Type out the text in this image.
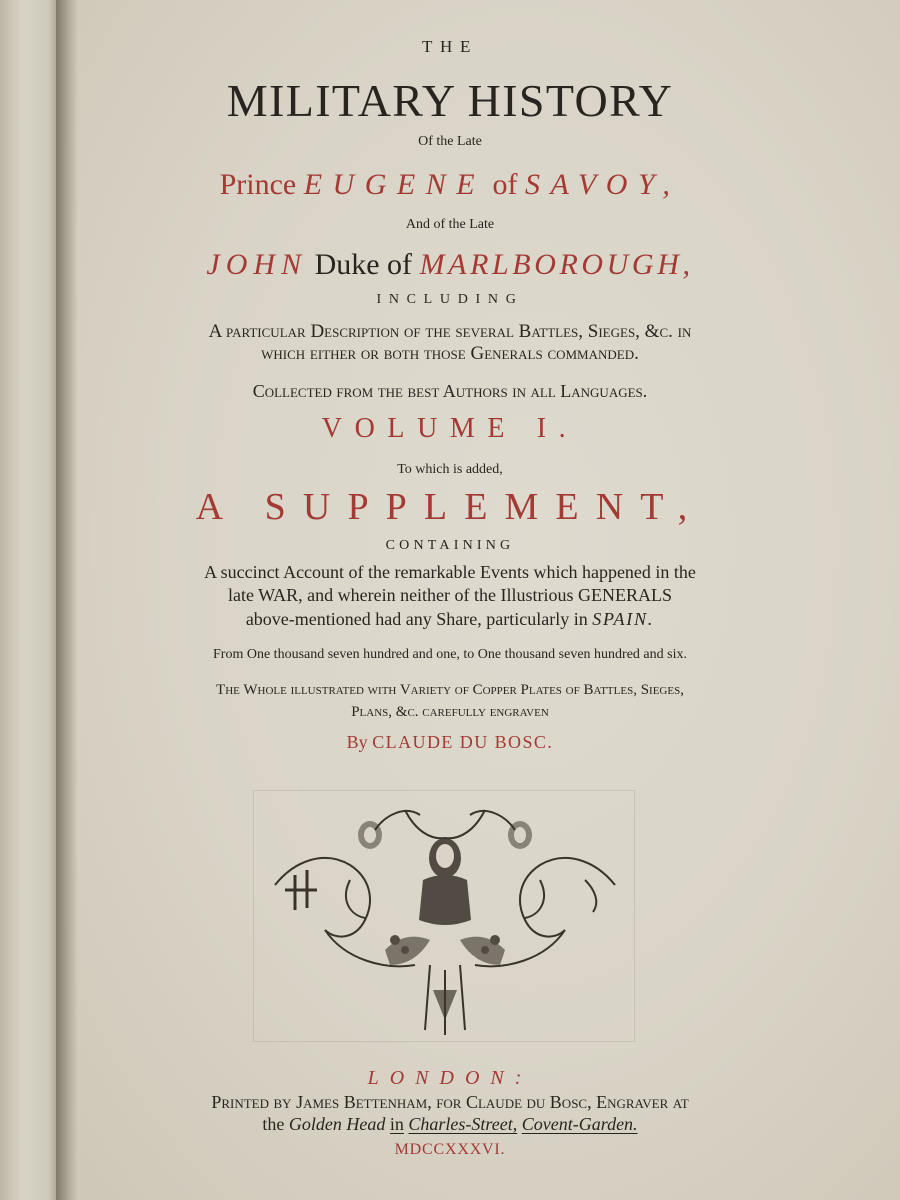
THE
MILITARY HISTORY
Of the Late
Prince EUGENE of SAVOY,
And of the Late
JOHN Duke of MARLBOROUGH,
INCLUDING
A particular Description of the several Battles, Sieges, &c. in
which either or both those Generals commanded.
Collected from the best Authors in all Languages.
VOLUME I.
To which is added,
A SUPPLEMENT,
CONTAINING
A succinct Account of the remarkable Events which happened in the
late WAR, and wherein neither of the Illustrious GENERALS
above-mentioned had any Share, particularly in SPAIN.
From One thousand seven hundred and one, to One thousand seven hundred and six.
The Whole illustrated with Variety of Copper Plates of Battles, Sieges,
Plans, &c. carefully engraven
By CLAUDE DU BOSC.
LONDON:
Printed by James Bettenham, for Claude du Bosc, Engraver at
the Golden Head in Charles-Street, Covent-Garden.
MDCCXXXVI.
